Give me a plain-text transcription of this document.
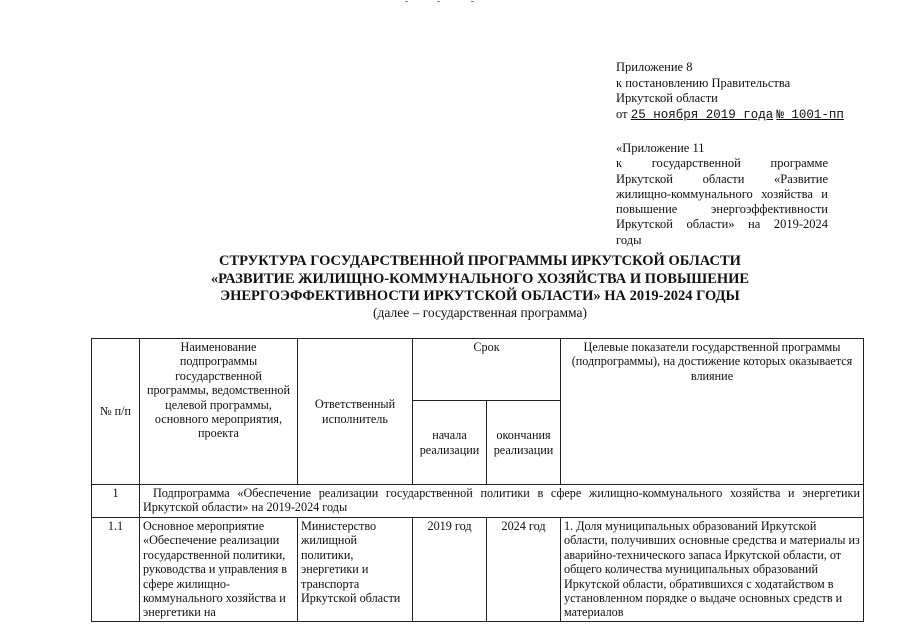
Приложение 8
к постановлению Правительства
Иркутской области
от 25 ноября 2019 года № 1001-пп
«Приложение 11
к государственной программе
Иркутской области «Развитие
жилищно-коммунального хозяйства и
повышение энергоэффективности
Иркутской области» на 2019-2024
годы
СТРУКТУРА ГОСУДАРСТВЕННОЙ ПРОГРАММЫ ИРКУТСКОЙ ОБЛАСТИ
«РАЗВИТИЕ ЖИЛИЩНО-КОММУНАЛЬНОГО ХОЗЯЙСТВА И ПОВЫШЕНИЕ
ЭНЕРГОЭФФЕКТИВНОСТИ ИРКУТСКОЙ ОБЛАСТИ» НА 2019-2024 ГОДЫ
(далее – государственная программа)
№ п/п	Наименование подпрограммы государственной программы, ведомственной целевой программы, основного мероприятия, проекта	Ответственный исполнитель	Срок		Целевые показатели государственной программы (подпрограммы), на достижение которых оказывается влияние
			начала реализации	окончания реализации	
1	Подпрограмма «Обеспечение реализации государственной политики в сфере жилищно-коммунального хозяйства и энергетики Иркутской области» на 2019-2024 годы				
1.1	Основное мероприятие «Обеспечение реализации государственной политики, руководства и управления в сфере жилищно-коммунального хозяйства и энергетики на	Министерство жилищной политики, энергетики и транспорта Иркутской области	2019 год	2024 год	1. Доля муниципальных образований Иркутской области, получивших основные средства и материалы из аварийно-технического запаса Иркутской области, от общего количества муниципальных образований Иркутской области, обратившихся с ходатайством в установленном порядке о выдаче основных средств и материалов
